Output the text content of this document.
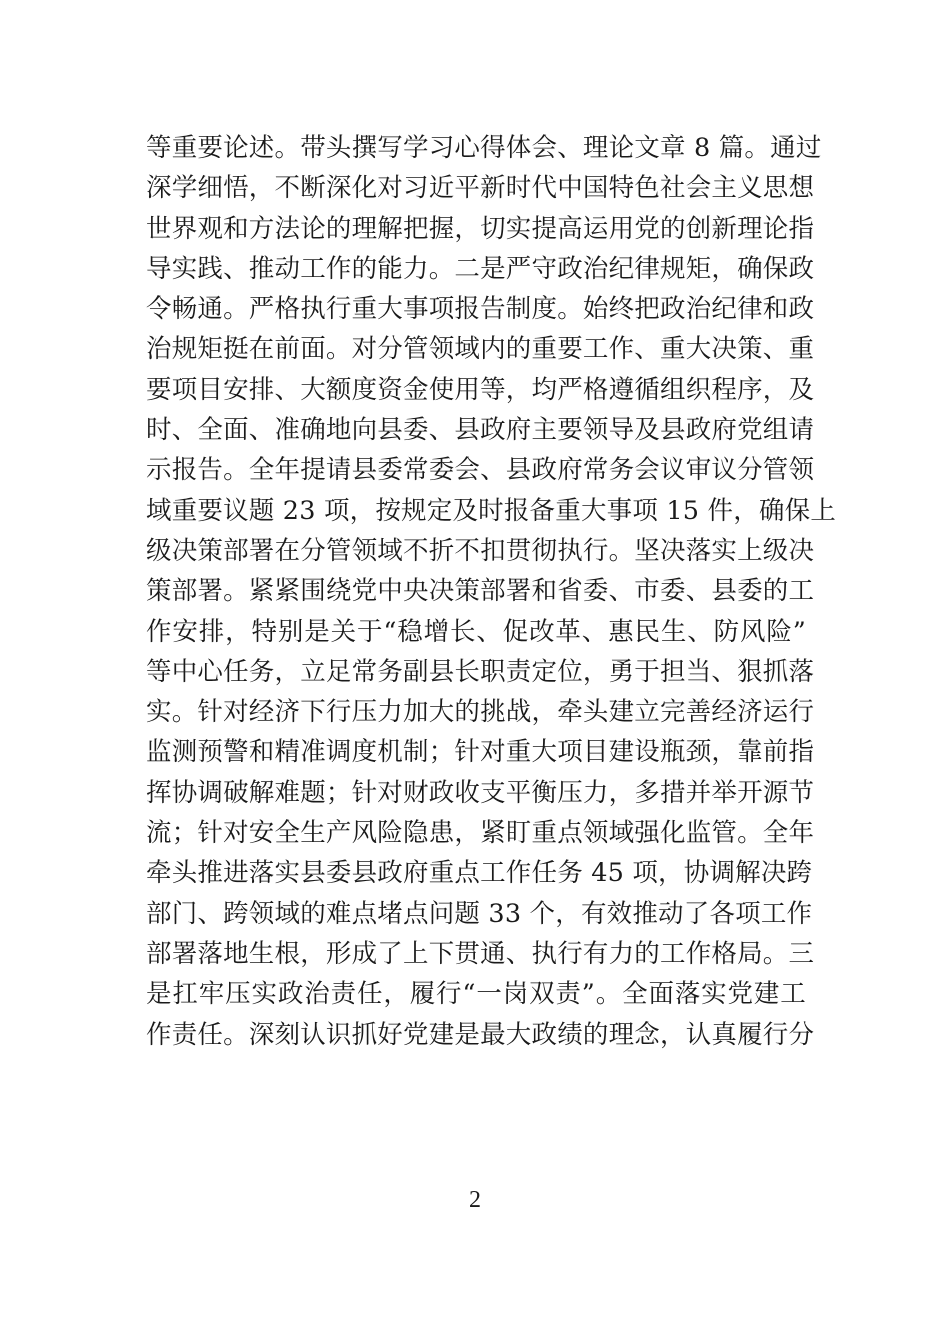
等重要论述。带头撰写学习心得体会、理论文章 8 篇。通过
深学细悟，不断深化对习近平新时代中国特色社会主义思想
世界观和方法论的理解把握，切实提高运用党的创新理论指
导实践、推动工作的能力。二是严守政治纪律规矩，确保政
令畅通。严格执行重大事项报告制度。始终把政治纪律和政
治规矩挺在前面。对分管领域内的重要工作、重大决策、重
要项目安排、大额度资金使用等，均严格遵循组织程序，及
时、全面、准确地向县委、县政府主要领导及县政府党组请
示报告。全年提请县委常委会、县政府常务会议审议分管领
域重要议题 23 项，按规定及时报备重大事项 15 件，确保上
级决策部署在分管领域不折不扣贯彻执行。坚决落实上级决
策部署。紧紧围绕党中央决策部署和省委、市委、县委的工
作安排，特别是关于“稳增长、促改革、惠民生、防风险”
等中心任务，立足常务副县长职责定位，勇于担当、狠抓落
实。针对经济下行压力加大的挑战，牵头建立完善经济运行
监测预警和精准调度机制；针对重大项目建设瓶颈，靠前指
挥协调破解难题；针对财政收支平衡压力，多措并举开源节
流；针对安全生产风险隐患，紧盯重点领域强化监管。全年
牵头推进落实县委县政府重点工作任务 45 项，协调解决跨
部门、跨领域的难点堵点问题 33 个，有效推动了各项工作
部署落地生根，形成了上下贯通、执行有力的工作格局。三
是扛牢压实政治责任，履行“一岗双责”。全面落实党建工
作责任。深刻认识抓好党建是最大政绩的理念，认真履行分
2
